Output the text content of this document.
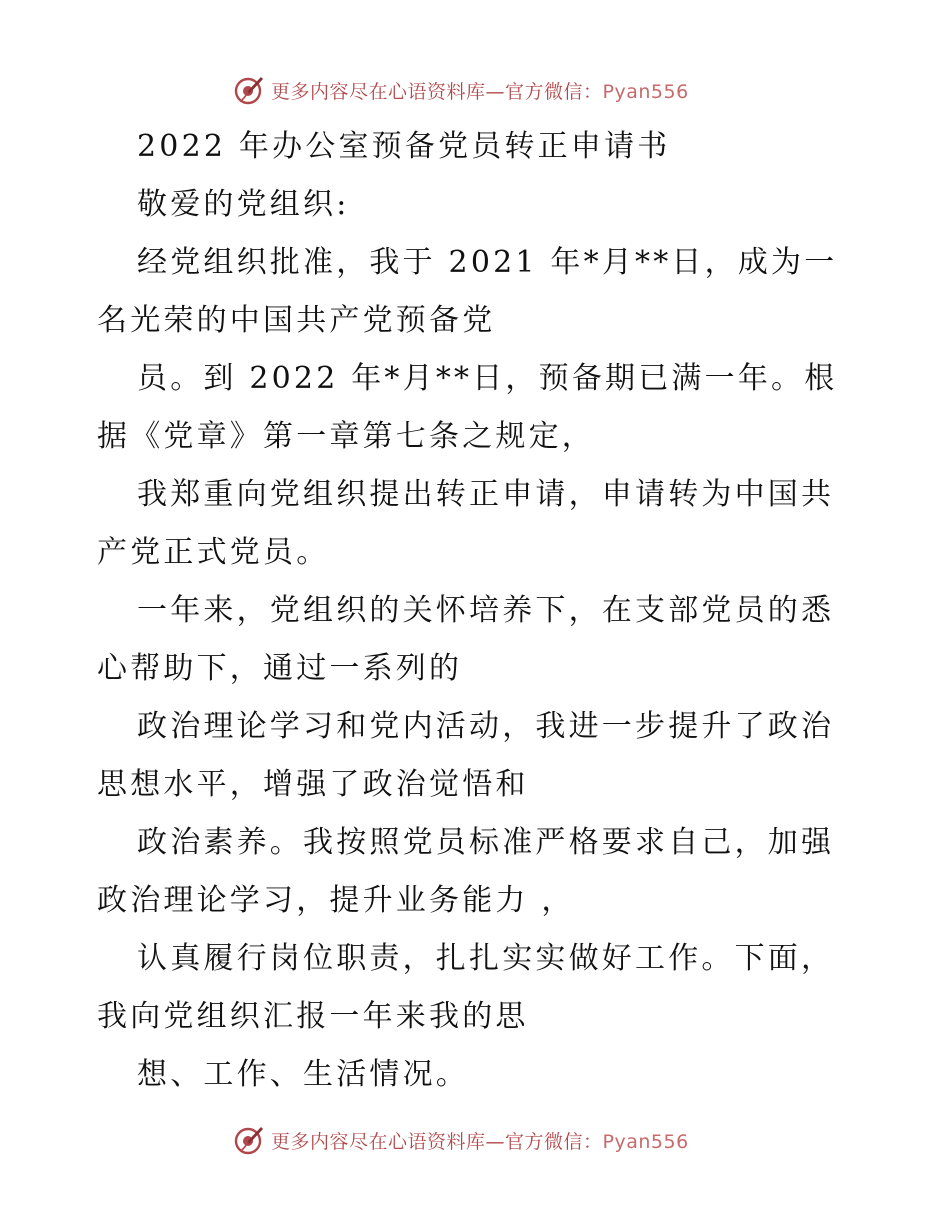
更多内容尽在心语资料库—官方微信：Pyan556
2022 年办公室预备党员转正申请书
敬爱的党组织:
经党组织批准，我于 2021 年*月**日，成为一
名光荣的中国共产党预备党
员。到 2022 年*月**日，预备期已满一年。根
据《党章》第一章第七条之规定，
我郑重向党组织提出转正申请，申请转为中国共
产党正式党员。
一年来，党组织的关怀培养下，在支部党员的悉
心帮助下，通过一系列的
政治理论学习和党内活动，我进一步提升了政治
思想水平，增强了政治觉悟和
政治素养。我按照党员标准严格要求自己，加强
政治理论学习，提升业务能力 ，
认真履行岗位职责，扎扎实实做好工作。下面，
我向党组织汇报一年来我的思
想、工作、生活情况。
更多内容尽在心语资料库—官方微信：Pyan556
